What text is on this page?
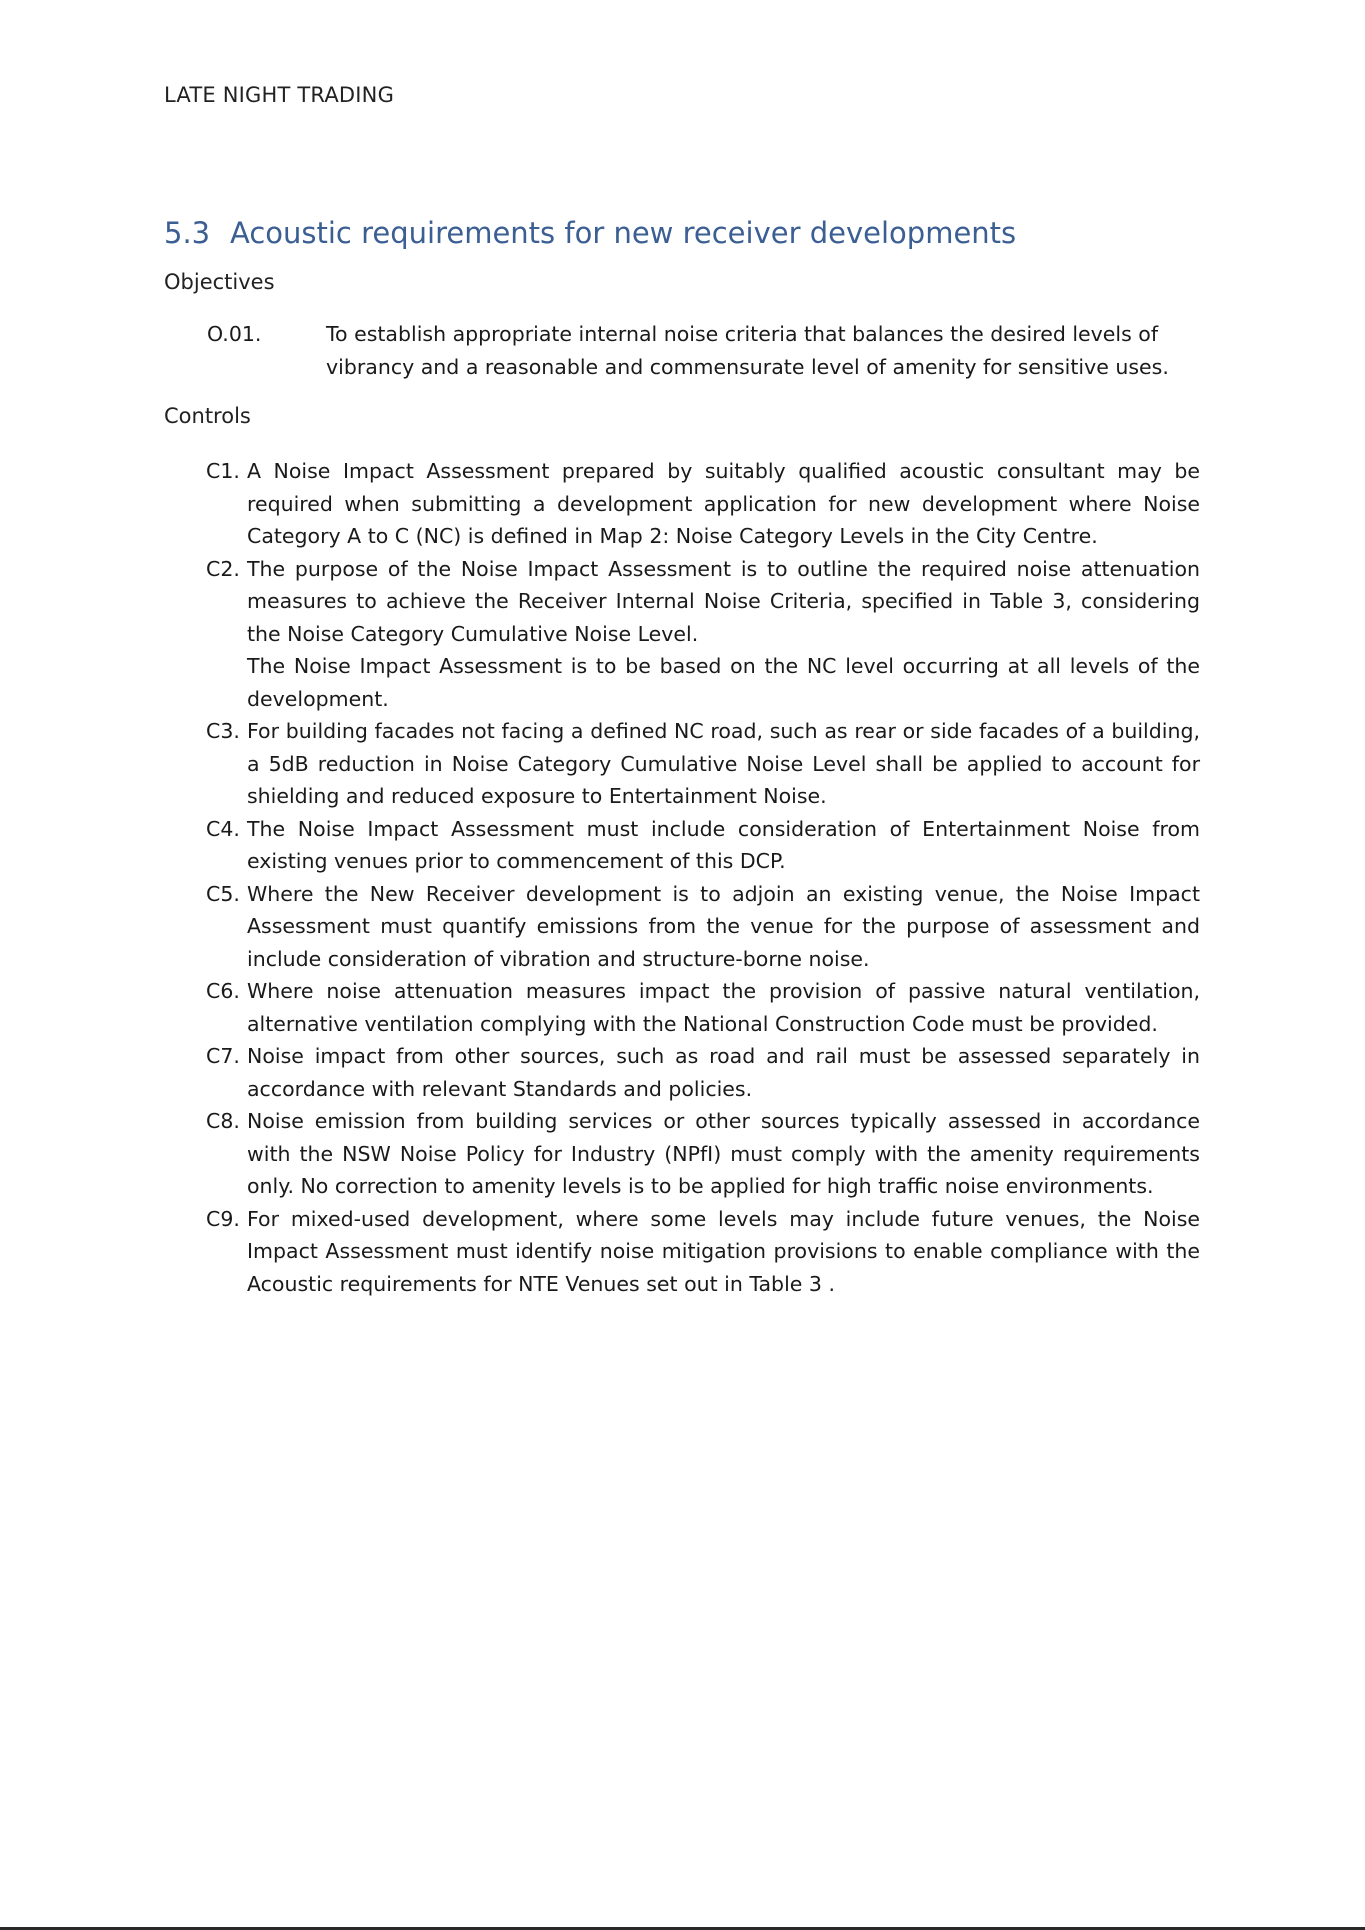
LATE NIGHT TRADING
5.3 Acoustic requirements for new receiver developments
Objectives
O.01.	To establish appropriate internal noise criteria that balances the desired levels of vibrancy and a reasonable and commensurate level of amenity for sensitive uses.
Controls
C1. A Noise Impact Assessment prepared by suitably qualified acoustic consultant may be required when submitting a development application for new development where Noise Category A to C (NC) is defined in Map 2: Noise Category Levels in the City Centre.
C2. The purpose of the Noise Impact Assessment is to outline the required noise attenuation measures to achieve the Receiver Internal Noise Criteria, specified in Table 3, considering the Noise Category Cumulative Noise Level.
The Noise Impact Assessment is to be based on the NC level occurring at all levels of the development.
C3. For building facades not facing a defined NC road, such as rear or side facades of a building, a 5dB reduction in Noise Category Cumulative Noise Level shall be applied to account for shielding and reduced exposure to Entertainment Noise.
C4. The Noise Impact Assessment must include consideration of Entertainment Noise from existing venues prior to commencement of this DCP.
C5. Where the New Receiver development is to adjoin an existing venue, the Noise Impact Assessment must quantify emissions from the venue for the purpose of assessment and include consideration of vibration and structure-borne noise.
C6. Where noise attenuation measures impact the provision of passive natural ventilation, alternative ventilation complying with the National Construction Code must be provided.
C7. Noise impact from other sources, such as road and rail must be assessed separately in accordance with relevant Standards and policies.
C8. Noise emission from building services or other sources typically assessed in accordance with the NSW Noise Policy for Industry (NPfI) must comply with the amenity requirements only. No correction to amenity levels is to be applied for high traffic noise environments.
C9. For mixed-used development, where some levels may include future venues, the Noise Impact Assessment must identify noise mitigation provisions to enable compliance with the Acoustic requirements for NTE Venues set out in Table 3 .
